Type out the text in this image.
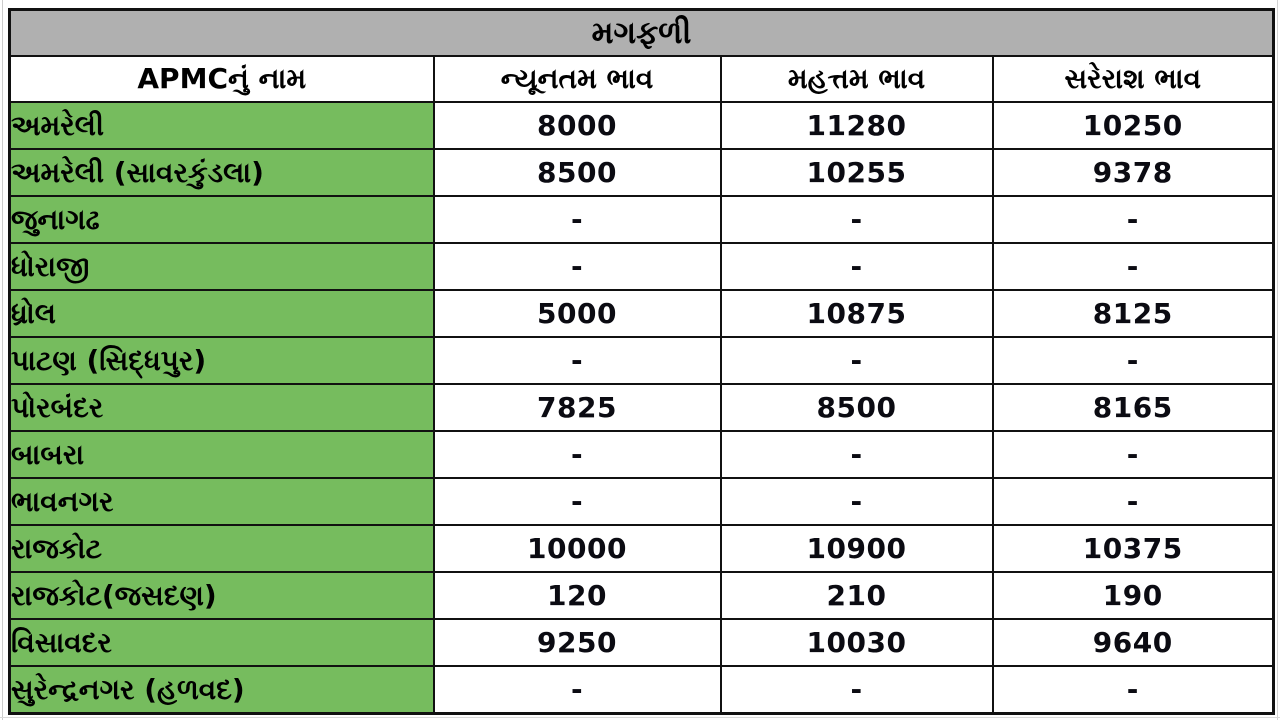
મગફળી			
APMCનું નામ	ન્યૂનતમ ભાવ	મહત્તમ ભાવ	સરેરાશ ભાવ
અમરેલી	8000	11280	10250
અમરેલી (સાવરકુંડલા)	8500	10255	9378
જુનાગઢ	-	-	-
ધોરાજી	-	-	-
ધ્રોલ	5000	10875	8125
પાટણ (સિદ્ધપુર)	-	-	-
પોરબંદર	7825	8500	8165
બાબરા	-	-	-
ભાવનગર	-	-	-
રાજકોટ	10000	10900	10375
રાજકોટ(જસદણ)	120	210	190
વિસાવદર	9250	10030	9640
સુરેન્દ્રનગર (હળવદ)	-	-	-
